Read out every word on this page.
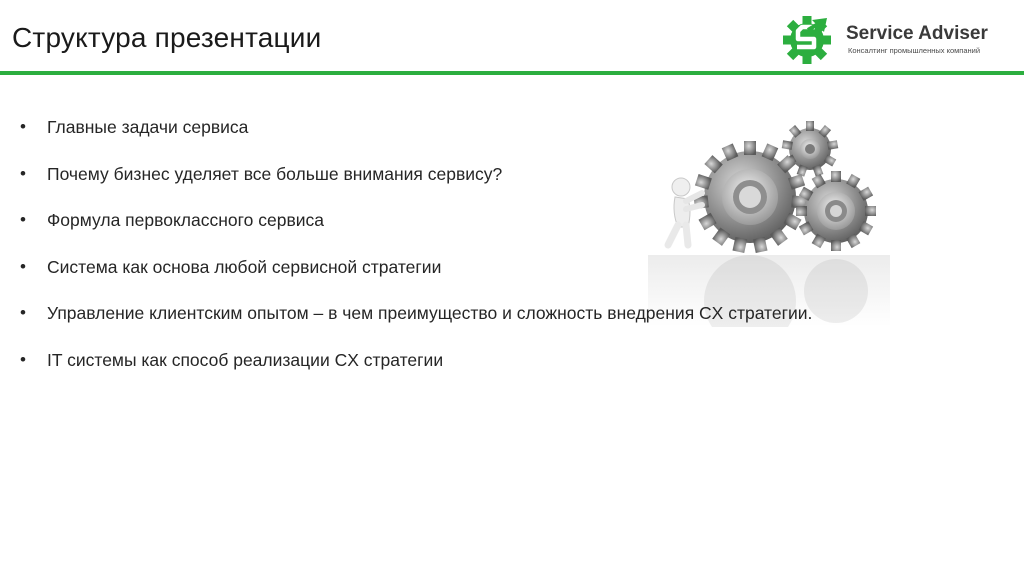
Структура презентации	Service Adviser
Консалтинг промышленных компаний
• Главные задачи сервиса
• Почему бизнес уделяет все больше внимания сервису?
• Формула первоклассного сервиса
• Система как основа любой сервисной стратегии
• Управление клиентским опытом – в чем преимущество и сложность внедрения CX стратегии.
• IT системы как способ реализации CX стратегии
